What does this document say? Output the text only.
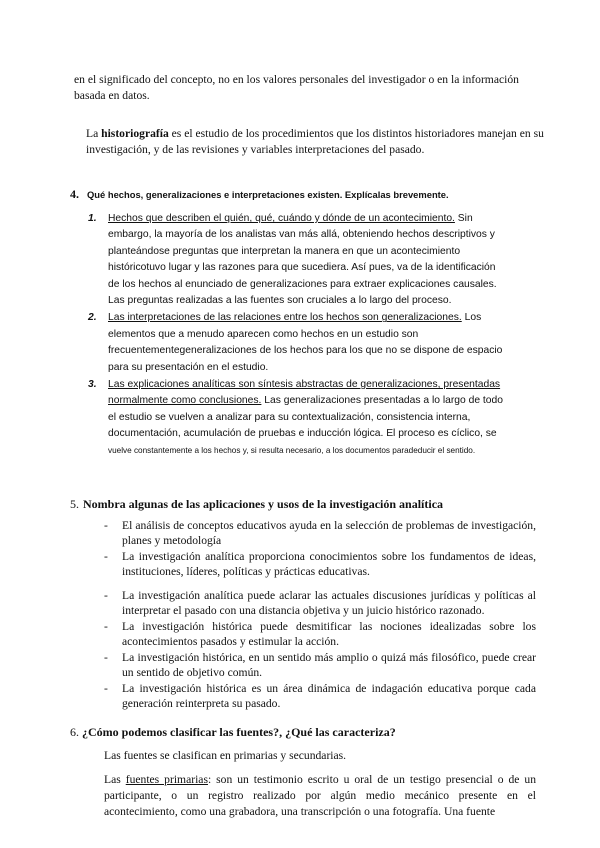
en el significado del concepto, no en los valores personales del investigador o en la información basada en datos.

La historiografía es el estudio de los procedimientos que los distintos historiadores manejan en su investigación, y de las revisiones y variables interpretaciones del pasado.

4. Qué hechos, generalizaciones e interpretaciones existen. Explícalas brevemente.
1. Hechos que describen el quién, qué, cuándo y dónde de un acontecimiento. Sin embargo, la mayoría de los analistas van más allá, obteniendo hechos descriptivos y planteándose preguntas que interpretan la manera en que un acontecimiento históricotuvo lugar y las razones para que sucediera. Así pues, va de la identificación de los hechos al enunciado de generalizaciones para extraer explicaciones causales. Las preguntas realizadas a las fuentes son cruciales a lo largo del proceso.
2. Las interpretaciones de las relaciones entre los hechos son generalizaciones. Los elementos que a menudo aparecen como hechos en un estudio son frecuentementegeneralizaciones de los hechos para los que no se dispone de espacio para su presentación en el estudio.
3. Las explicaciones analíticas son síntesis abstractas de generalizaciones, presentadas normalmente como conclusiones. Las generalizaciones presentadas a lo largo de todo el estudio se vuelven a analizar para su contextualización, consistencia interna, documentación, acumulación de pruebas e inducción lógica. El proceso es cíclico, se vuelve constantemente a los hechos y, si resulta necesario, a los documentos paradeducir el sentido.
5. Nombra algunas de las aplicaciones y usos de la investigación analítica
- El análisis de conceptos educativos ayuda en la selección de problemas de investigación, planes y metodología
- La investigación analítica proporciona conocimientos sobre los fundamentos de ideas, instituciones, líderes, políticas y prácticas educativas.
- La investigación analítica puede aclarar las actuales discusiones jurídicas y políticas al interpretar el pasado con una distancia objetiva y un juicio histórico razonado.
- La investigación histórica puede desmitificar las nociones idealizadas sobre los acontecimientos pasados y estimular la acción.
- La investigación histórica, en un sentido más amplio o quizá más filosófico, puede crear un sentido de objetivo común.
- La investigación histórica es un área dinámica de indagación educativa porque cada generación reinterpreta su pasado.
6. ¿Cómo podemos clasificar las fuentes?, ¿Qué las caracteriza?

Las fuentes se clasifican en primarias y secundarias.

Las fuentes primarias: son un testimonio escrito u oral de un testigo presencial o de un participante, o un registro realizado por algún medio mecánico presente en el acontecimiento, como una grabadora, una transcripción o una fotografía. Una fuente
